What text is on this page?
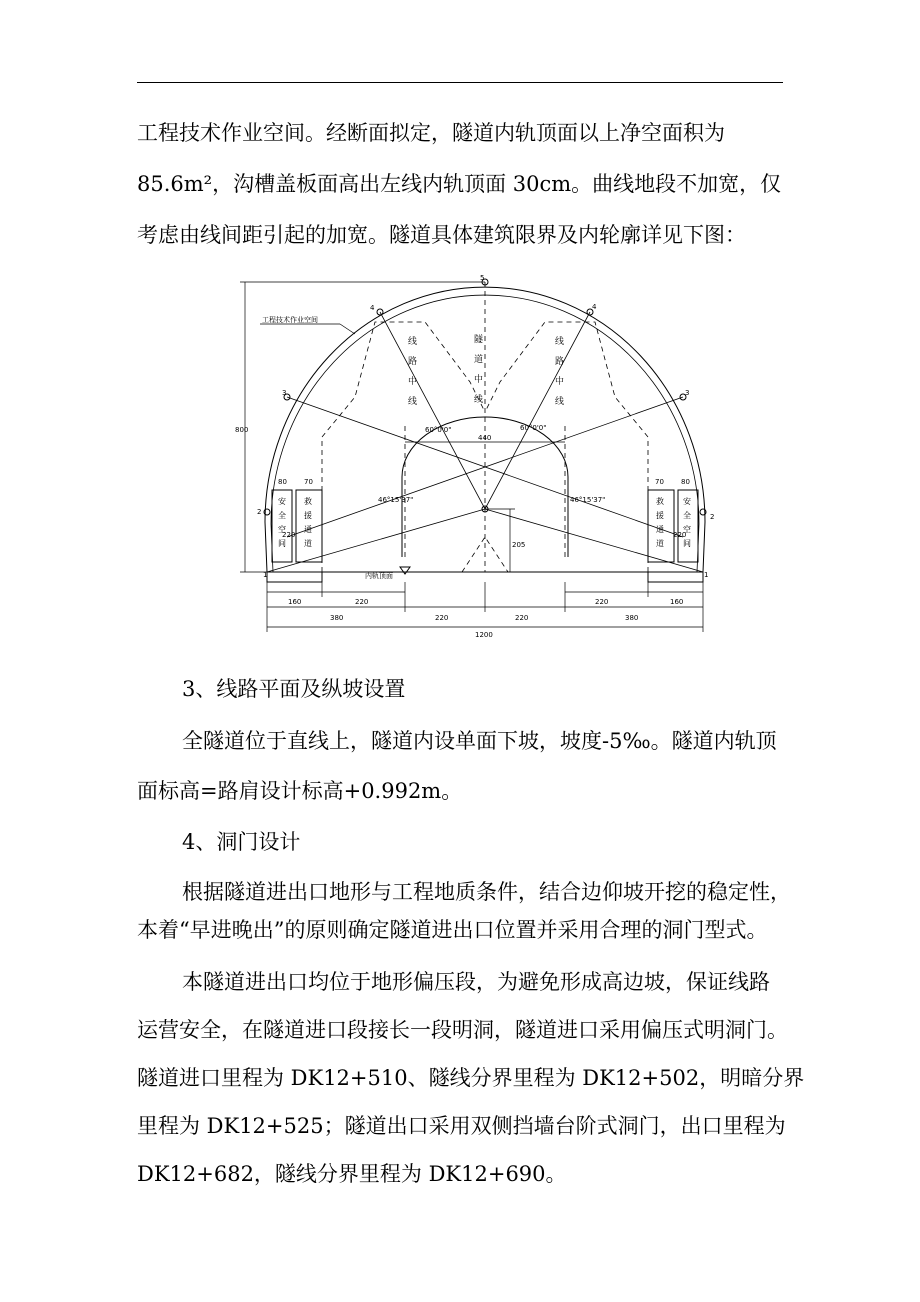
工程技术作业空间。经断面拟定，隧道内轨顶面以上净空面积为
85.6m²，沟槽盖板面高出左线内轨顶面 30cm。曲线地段不加宽，仅
考虑由线间距引起的加宽。隧道具体建筑限界及内轮廓详见下图：
工程技术作业空间
线
路
中
线
隧
道
中
线
线
路
中
线
60°0'0"	60°0'0"
440
800
205
46°15'37"	46°15'37"
80 70	70 80
220	220
内轨顶面
160	220
220	220
220	160
380	380
1200
1	1
2
2
3	3
4	4
5
安
全
空
间
救
援
通
道
救
援
通
道
安
全
空
间
3、线路平面及纵坡设置
全隧道位于直线上，隧道内设单面下坡，坡度-5‰。隧道内轨顶
面标高=路肩设计标高+0.992m。
4、洞门设计
根据隧道进出口地形与工程地质条件，结合边仰坡开挖的稳定性，
本着“早进晚出”的原则确定隧道进出口位置并采用合理的洞门型式。
本隧道进出口均位于地形偏压段，为避免形成高边坡，保证线路
运营安全，在隧道进口段接长一段明洞，隧道进口采用偏压式明洞门。
隧道进口里程为 DK12+510、隧线分界里程为 DK12+502，明暗分界
里程为 DK12+525；隧道出口采用双侧挡墙台阶式洞门，出口里程为
DK12+682，隧线分界里程为 DK12+690。
